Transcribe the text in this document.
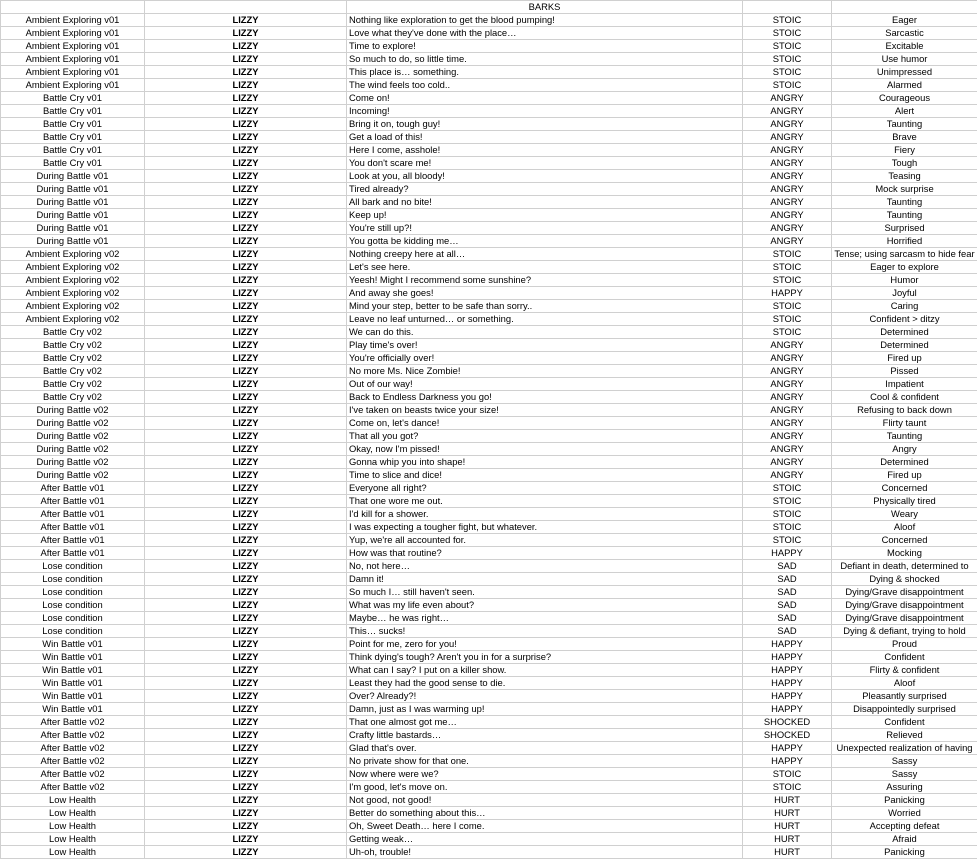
		BARKS		
Ambient Exploring v01	LIZZY	Nothing like exploration to get the blood pumping!	STOIC	Eager
Ambient Exploring v01	LIZZY	Love what they've done with the place…	STOIC	Sarcastic
Ambient Exploring v01	LIZZY	Time to explore!	STOIC	Excitable
Ambient Exploring v01	LIZZY	So much to do, so little time.	STOIC	Use humor
Ambient Exploring v01	LIZZY	This place is… something.	STOIC	Unimpressed
Ambient Exploring v01	LIZZY	The wind feels too cold..	STOIC	Alarmed
Battle Cry v01	LIZZY	Come on!	ANGRY	Courageous
Battle Cry v01	LIZZY	Incoming!	ANGRY	Alert
Battle Cry v01	LIZZY	Bring it on, tough guy!	ANGRY	Taunting
Battle Cry v01	LIZZY	Get a load of this!	ANGRY	Brave
Battle Cry v01	LIZZY	Here I come, asshole!	ANGRY	Fiery
Battle Cry v01	LIZZY	You don't scare me!	ANGRY	Tough
During Battle v01	LIZZY	Look at you, all bloody!	ANGRY	Teasing
During Battle v01	LIZZY	Tired already?	ANGRY	Mock surprise
During Battle v01	LIZZY	All bark and no bite!	ANGRY	Taunting
During Battle v01	LIZZY	Keep up!	ANGRY	Taunting
During Battle v01	LIZZY	You're still up?!	ANGRY	Surprised
During Battle v01	LIZZY	You gotta be kidding me…	ANGRY	Horrified
Ambient Exploring v02	LIZZY	Nothing creepy here at all…	STOIC	Tense; using sarcasm to hide fear
Ambient Exploring v02	LIZZY	Let's see here.	STOIC	Eager to explore
Ambient Exploring v02	LIZZY	Yeesh! Might I recommend some sunshine?	STOIC	Humor
Ambient Exploring v02	LIZZY	And away she goes!	HAPPY	Joyful
Ambient Exploring v02	LIZZY	Mind your step, better to be safe than sorry..	STOIC	Caring
Ambient Exploring v02	LIZZY	Leave no leaf unturned… or something.	STOIC	Confident > ditzy
Battle Cry v02	LIZZY	We can do this.	STOIC	Determined
Battle Cry v02	LIZZY	Play time's over!	ANGRY	Determined
Battle Cry v02	LIZZY	You're officially over!	ANGRY	Fired up
Battle Cry v02	LIZZY	No more Ms. Nice Zombie!	ANGRY	Pissed
Battle Cry v02	LIZZY	Out of our way!	ANGRY	Impatient
Battle Cry v02	LIZZY	Back to Endless Darkness you go!	ANGRY	Cool & confident
During Battle v02	LIZZY	I've taken on beasts twice your size!	ANGRY	Refusing to back down
During Battle v02	LIZZY	Come on, let's dance!	ANGRY	Flirty taunt
During Battle v02	LIZZY	That all you got?	ANGRY	Taunting
During Battle v02	LIZZY	Okay, now I'm pissed!	ANGRY	Angry
During Battle v02	LIZZY	Gonna whip you into shape!	ANGRY	Determined
During Battle v02	LIZZY	Time to slice and dice!	ANGRY	Fired up
After Battle v01	LIZZY	Everyone all right?	STOIC	Concerned
After Battle v01	LIZZY	That one wore me out.	STOIC	Physically tired
After Battle v01	LIZZY	I'd kill for a shower.	STOIC	Weary
After Battle v01	LIZZY	I was expecting a tougher fight, but whatever.	STOIC	Aloof
After Battle v01	LIZZY	Yup, we're all accounted for.	STOIC	Concerned
After Battle v01	LIZZY	How was that routine?	HAPPY	Mocking
Lose condition	LIZZY	No, not here…	SAD	Defiant in death, determined to
Lose condition	LIZZY	Damn it!	SAD	Dying & shocked
Lose condition	LIZZY	So much I… still haven't seen.	SAD	Dying/Grave disappointment
Lose condition	LIZZY	What was my life even about?	SAD	Dying/Grave disappointment
Lose condition	LIZZY	Maybe… he was right…	SAD	Dying/Grave disappointment
Lose condition	LIZZY	This… sucks!	SAD	Dying & defiant, trying to hold
Win Battle v01	LIZZY	Point for me, zero for you!	HAPPY	Proud
Win Battle v01	LIZZY	Think dying's tough? Aren't you in for a surprise?	HAPPY	Confident
Win Battle v01	LIZZY	What can I say? I put on a killer show.	HAPPY	Flirty & confident
Win Battle v01	LIZZY	Least they had the good sense to die.	HAPPY	Aloof
Win Battle v01	LIZZY	Over? Already?!	HAPPY	Pleasantly surprised
Win Battle v01	LIZZY	Damn, just as I was warming up!	HAPPY	Disappointedly surprised
After Battle v02	LIZZY	That one almost got me…	SHOCKED	Confident
After Battle v02	LIZZY	Crafty little bastards…	SHOCKED	Relieved
After Battle v02	LIZZY	Glad that's over.	HAPPY	Unexpected realization of having
After Battle v02	LIZZY	No private show for that one.	HAPPY	Sassy
After Battle v02	LIZZY	Now where were we?	STOIC	Sassy
After Battle v02	LIZZY	I'm good, let's move on.	STOIC	Assuring
Low Health	LIZZY	Not good, not good!	HURT	Panicking
Low Health	LIZZY	Better do something about this…	HURT	Worried
Low Health	LIZZY	Oh, Sweet Death… here I come.	HURT	Accepting defeat
Low Health	LIZZY	Getting weak…	HURT	Afraid
Low Health	LIZZY	Uh-oh, trouble!	HURT	Panicking
